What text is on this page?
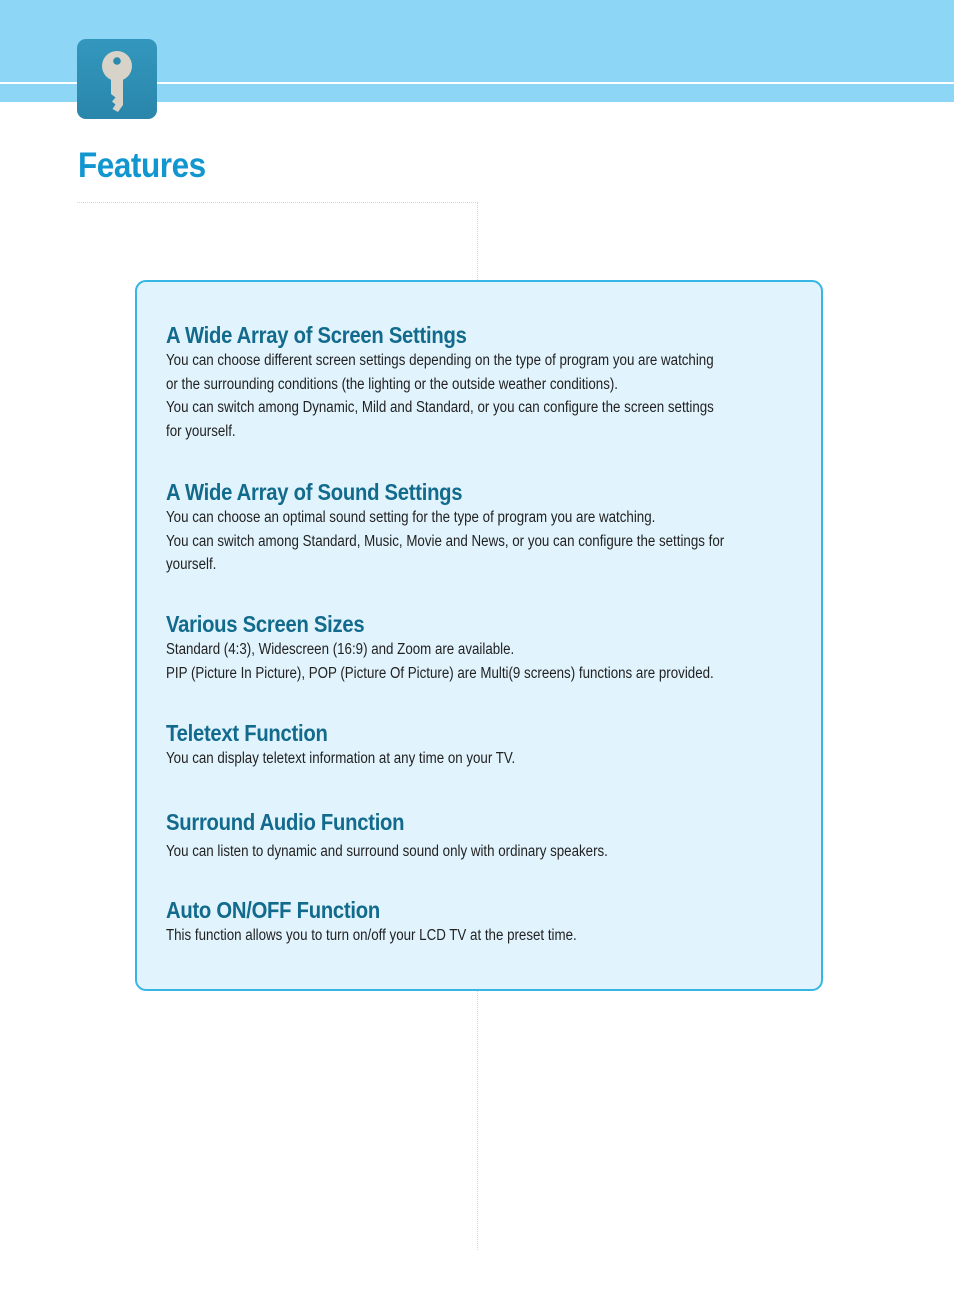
Features
A Wide Array of Screen Settings
You can choose different screen settings depending on the type of program you are watching
or the surrounding conditions (the lighting or the outside weather conditions).
You can switch among Dynamic, Mild and Standard, or you can configure the screen settings
for yourself.
A Wide Array of Sound Settings
You can choose an optimal sound setting for the type of program you are watching.
You can switch among Standard, Music, Movie and News, or you can configure the settings for
yourself.
Various Screen Sizes
Standard (4:3), Widescreen (16:9) and Zoom are available.
PIP (Picture In Picture), POP (Picture Of Picture) are Multi(9 screens) functions are provided.
Teletext Function
You can display teletext information at any time on your TV.
Surround Audio Function
You can listen to dynamic and surround sound only with ordinary speakers.
Auto ON/OFF Function
This function allows you to turn on/off your LCD TV at the preset time.
